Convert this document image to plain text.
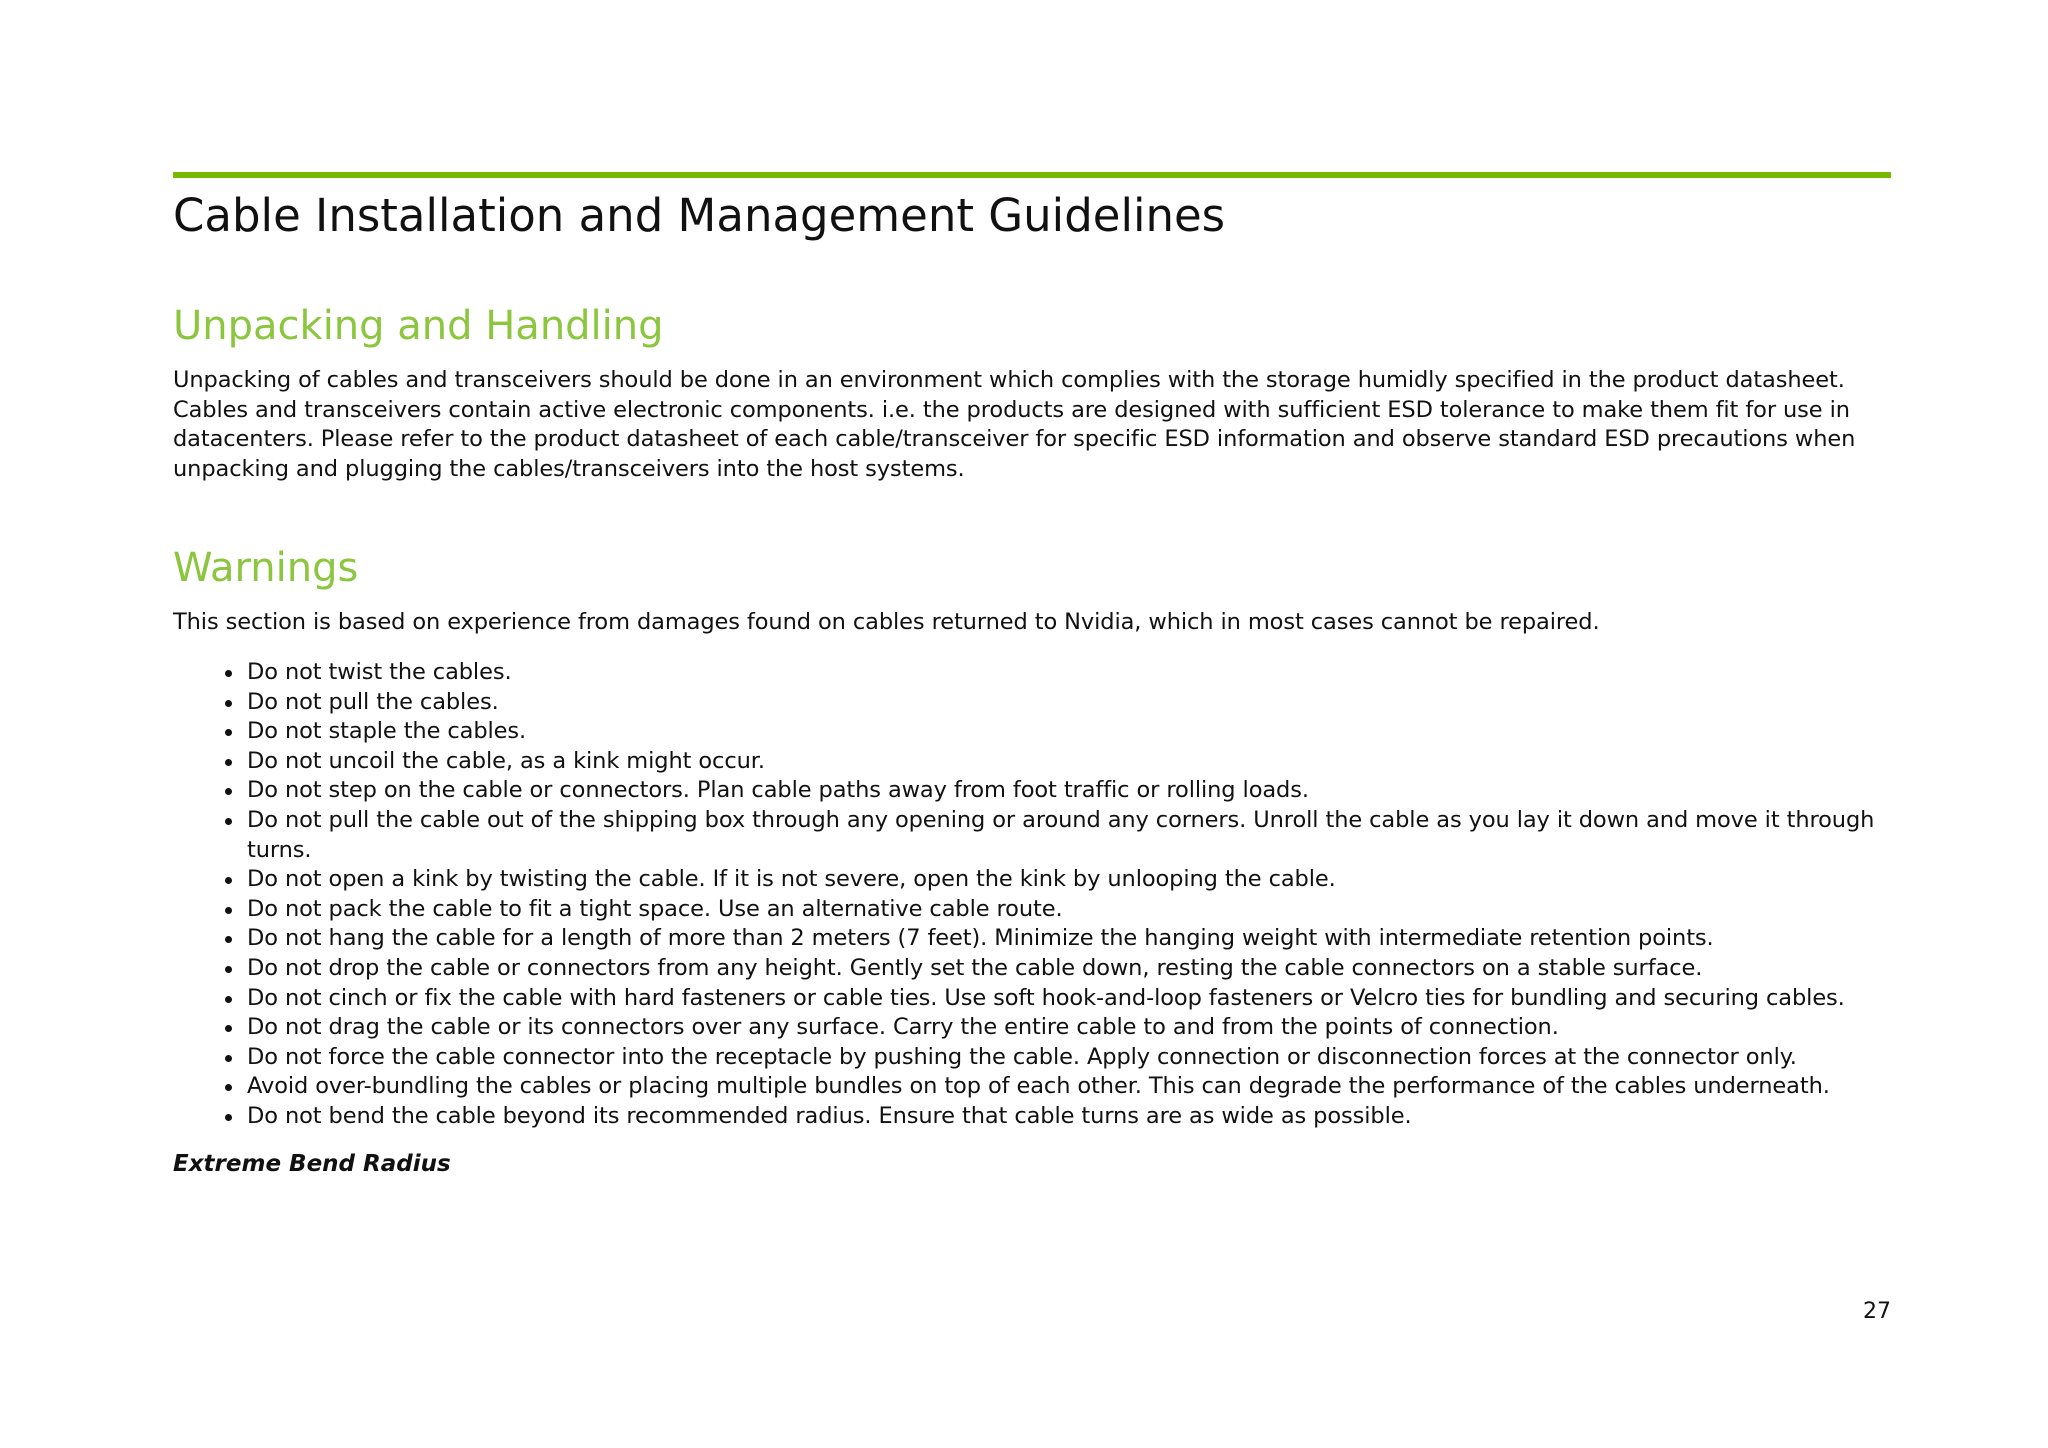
Cable Installation and Management Guidelines
Unpacking and Handling

Unpacking of cables and transceivers should be done in an environment which complies with the storage humidly specified in the product datasheet. Cables and transceivers contain active electronic components. i.e. the products are designed with sufficient ESD tolerance to make them fit for use in datacenters. Please refer to the product datasheet of each cable/transceiver for specific ESD information and observe standard ESD precautions when unpacking and plugging the cables/transceivers into the host systems.

Warnings

This section is based on experience from damages found on cables returned to Nvidia, which in most cases cannot be repaired.

Do not twist the cables.
Do not pull the cables.
Do not staple the cables.
Do not uncoil the cable, as a kink might occur.
Do not step on the cable or connectors. Plan cable paths away from foot traffic or rolling loads.
Do not pull the cable out of the shipping box through any opening or around any corners. Unroll the cable as you lay it down and move it through turns.
Do not open a kink by twisting the cable. If it is not severe, open the kink by unlooping the cable.
Do not pack the cable to fit a tight space. Use an alternative cable route.
Do not hang the cable for a length of more than 2 meters (7 feet). Minimize the hanging weight with intermediate retention points.
Do not drop the cable or connectors from any height. Gently set the cable down, resting the cable connectors on a stable surface.
Do not cinch or fix the cable with hard fasteners or cable ties. Use soft hook-and-loop fasteners or Velcro ties for bundling and securing cables.
Do not drag the cable or its connectors over any surface. Carry the entire cable to and from the points of connection.
Do not force the cable connector into the receptacle by pushing the cable. Apply connection or disconnection forces at the connector only.
Avoid over-bundling the cables or placing multiple bundles on top of each other. This can degrade the performance of the cables underneath.
Do not bend the cable beyond its recommended radius. Ensure that cable turns are as wide as possible.

Extreme Bend Radius

27
